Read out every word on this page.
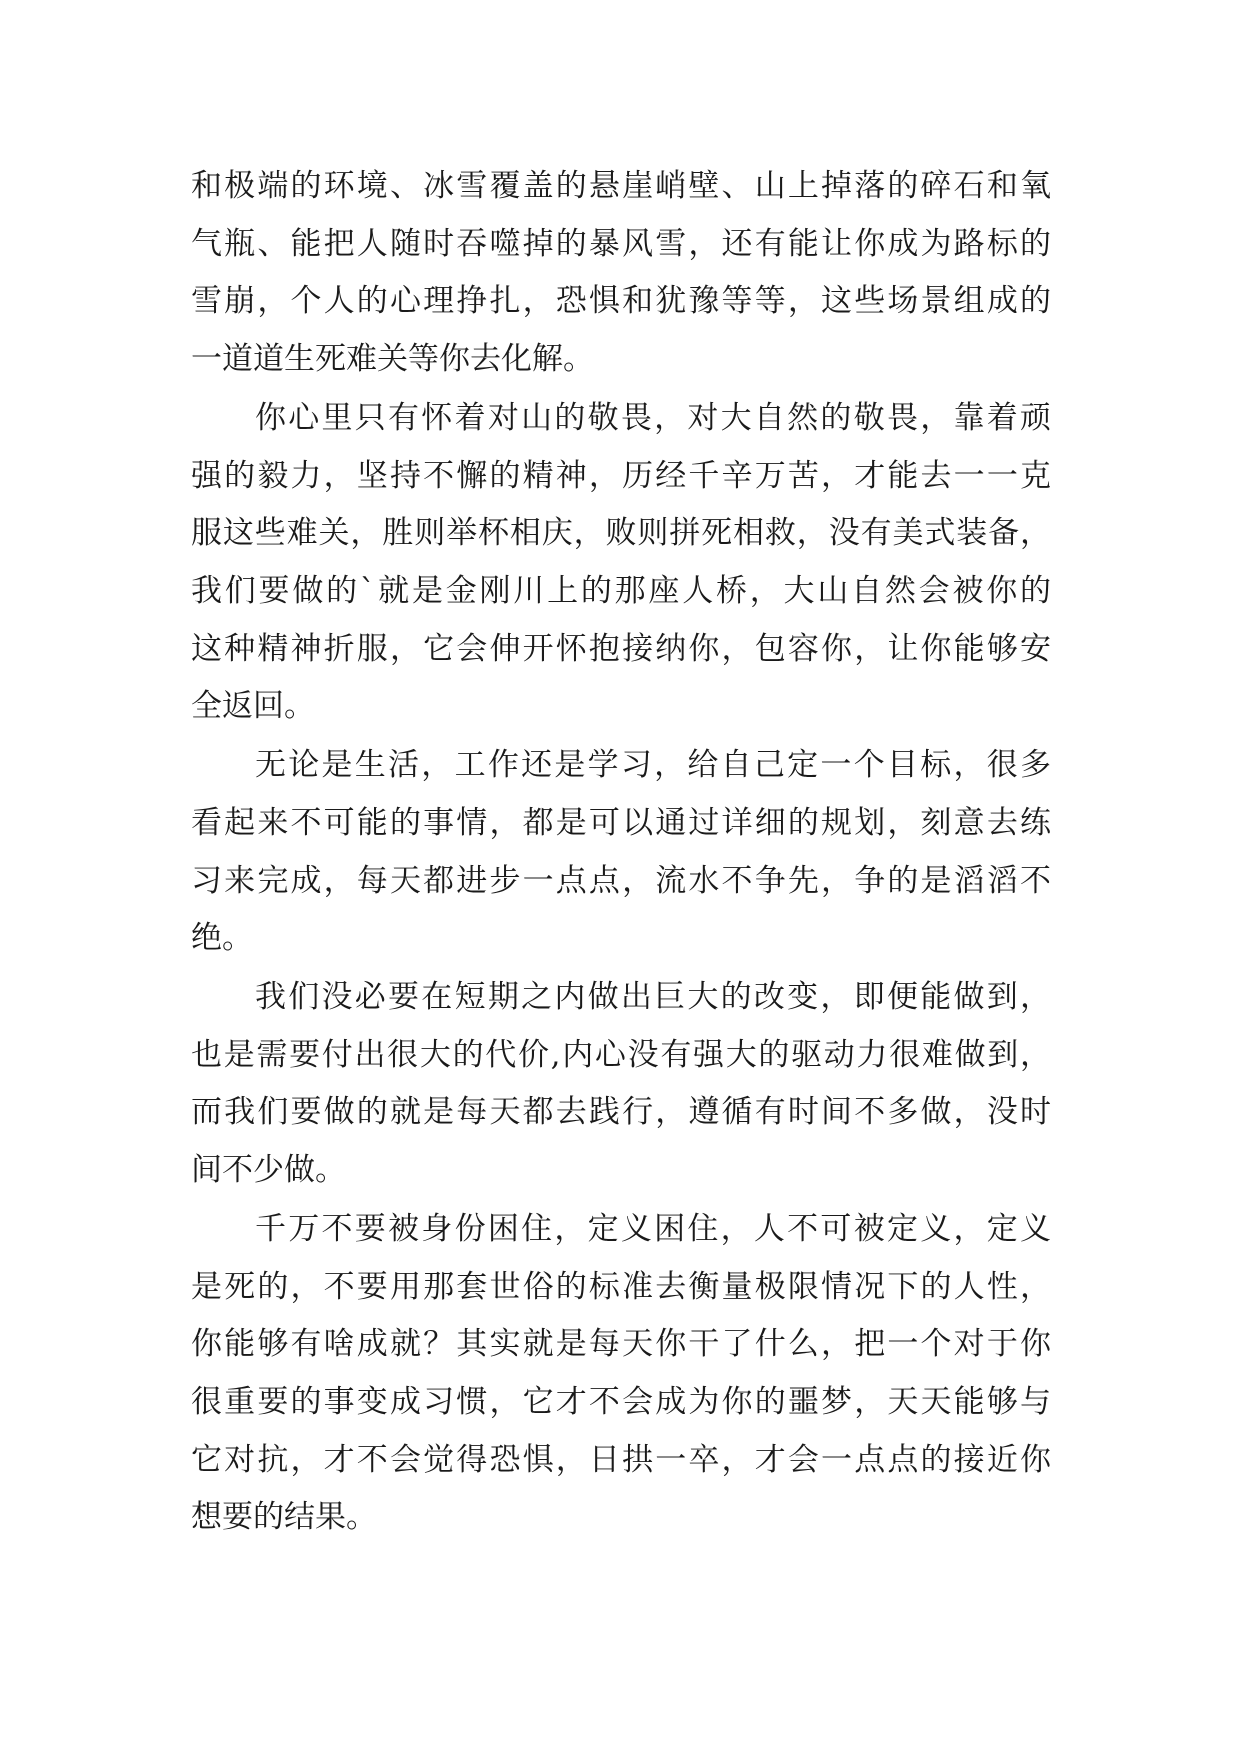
和极端的环境、冰雪覆盖的悬崖峭壁、山上掉落的碎石和氧
气瓶、能把人随时吞噬掉的暴风雪，还有能让你成为路标的
雪崩，个人的心理挣扎，恐惧和犹豫等等，这些场景组成的
一道道生死难关等你去化解。
你心里只有怀着对山的敬畏，对大自然的敬畏，靠着顽
强的毅力，坚持不懈的精神，历经千辛万苦，才能去一一克
服这些难关，胜则举杯相庆，败则拼死相救，没有美式装备，
我们要做的`就是金刚川上的那座人桥，大山自然会被你的
这种精神折服，它会伸开怀抱接纳你，包容你，让你能够安
全返回。
无论是生活，工作还是学习，给自己定一个目标，很多
看起来不可能的事情，都是可以通过详细的规划，刻意去练
习来完成，每天都进步一点点，流水不争先，争的是滔滔不
绝。
我们没必要在短期之内做出巨大的改变，即便能做到，
也是需要付出很大的代价,内心没有强大的驱动力很难做到，
而我们要做的就是每天都去践行，遵循有时间不多做，没时
间不少做。
千万不要被身份困住，定义困住，人不可被定义，定义
是死的，不要用那套世俗的标准去衡量极限情况下的人性，
你能够有啥成就？其实就是每天你干了什么，把一个对于你
很重要的事变成习惯，它才不会成为你的噩梦，天天能够与
它对抗，才不会觉得恐惧，日拱一卒，才会一点点的接近你
想要的结果。
